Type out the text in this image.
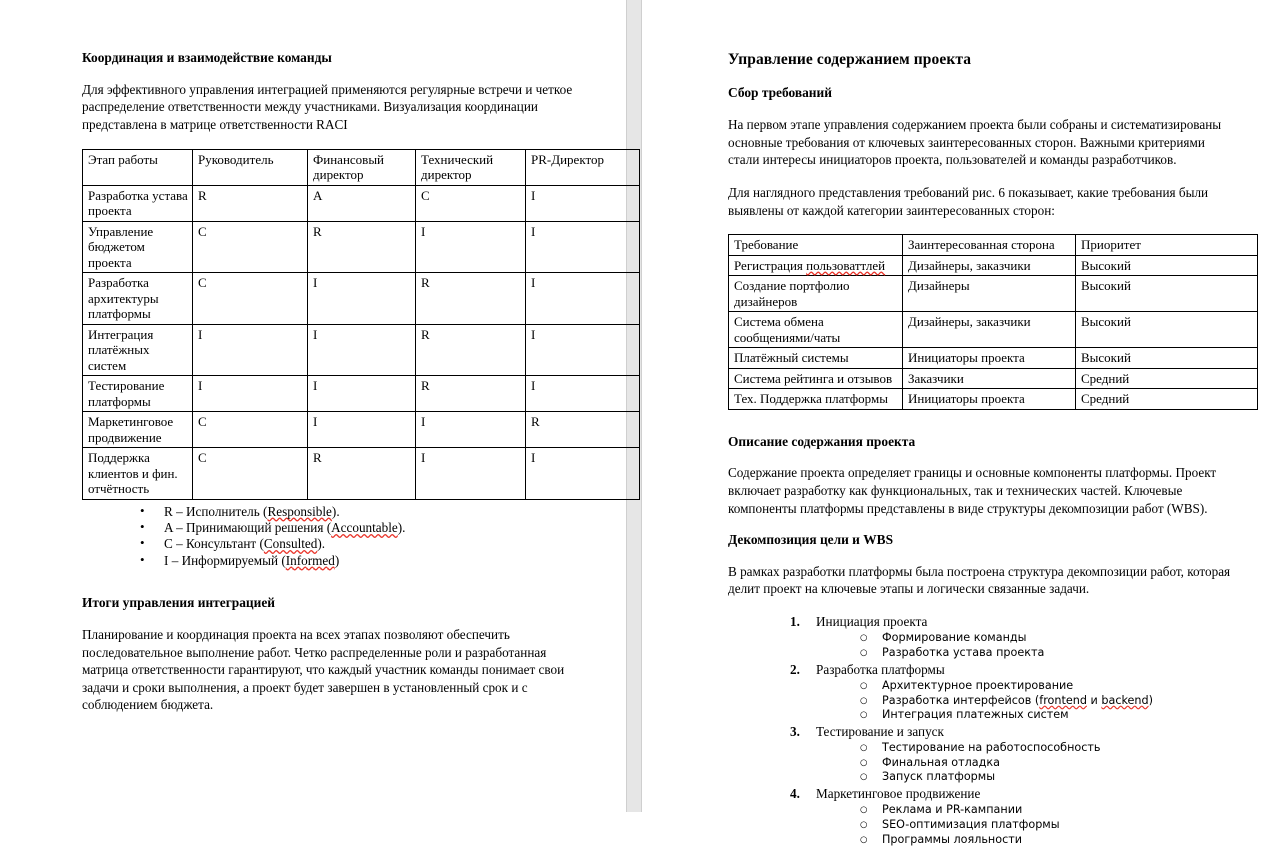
Координация и взаимодействие команды

Для эффективного управления интеграцией применяются регулярные встречи и четкое распределение ответственности между участниками. Визуализация координации представлена в матрице ответственности RACI

Этап работы	Руководитель	Финансовый директор	Технический директор	PR-Директор
Разработка устава проекта	R	A	C	I
Управление бюджетом проекта	C	R	I	I
Разработка архитектуры платформы	C	I	R	I
Интеграция платёжных систем	I	I	R	I
Тестирование платформы	I	I	R	I
Маркетинговое продвижение	C	I	I	R
Поддержка клиентов и фин. отчётность	C	R	I	I
• R – Исполнитель (Responsible).
• A – Принимающий решения (Accountable).
• C – Консультант (Consulted).
• I – Информируемый (Informed)
Итоги управления интеграцией

Планирование и координация проекта на всех этапах позволяют обеспечить последовательное выполнение работ. Четко распределенные роли и разработанная матрица ответственности гарантируют, что каждый участник команды понимает свои задачи и сроки выполнения, а проект будет завершен в установленный срок и с соблюдением бюджета.

Управление содержанием проекта
Сбор требований

На первом этапе управления содержанием проекта были собраны и систематизированы основные требования от ключевых заинтересованных сторон. Важными критериями стали интересы инициаторов проекта, пользователей и команды разработчиков.

Для наглядного представления требований рис. 6 показывает, какие требования были выявлены от каждой категории заинтересованных сторон:

Требование	Заинтересованная сторона	Приоритет
Регистрация пользоваттлей	Дизайнеры, заказчики	Высокий
Создание портфолио дизайнеров	Дизайнеры	Высокий
Система обмена сообщениями/чаты	Дизайнеры, заказчики	Высокий
Платёжный системы	Инициаторы проекта	Высокий
Система рейтинга и отзывов	Заказчики	Средний
Тех. Поддержка платформы	Инициаторы проекта	Средний
Описание содержания проекта

Содержание проекта определяет границы и основные компоненты платформы. Проект включает разработку как функциональных, так и технических частей. Ключевые компоненты платформы представлены в виде структуры декомпозиции работ (WBS).

Декомпозиция цели и WBS

В рамках разработки платформы была построена структура декомпозиции работ, которая делит проект на ключевые этапы и логически связанные задачи.

Инициация проекта
○ Формирование команды
○ Разработка устава проекта
Разработка платформы
○ Архитектурное проектирование
○ Разработка интерфейсов (frontend и backend)
○ Интеграция платежных систем
Тестирование и запуск
○ Тестирование на работоспособность
○ Финальная отладка
○ Запуск платформы
Маркетинговое продвижение
○ Реклама и PR-кампании
○ SEO-оптимизация платформы
○ Программы лояльности
